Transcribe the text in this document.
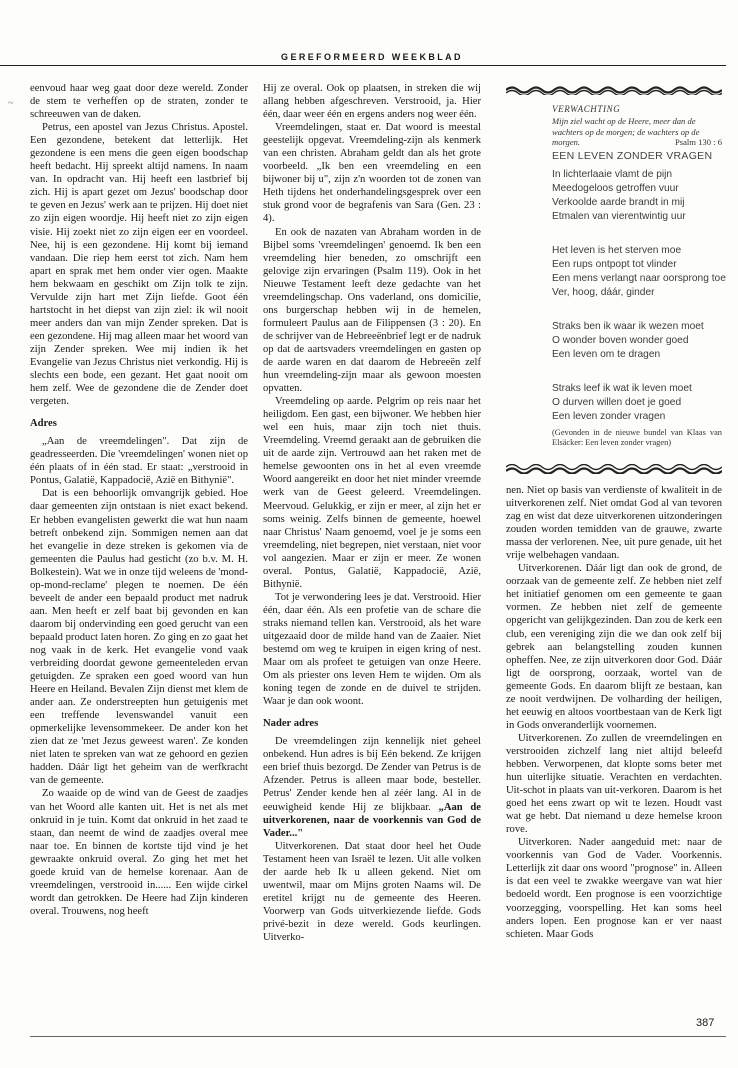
GEREFORMEERD WEEKBLAD
~

eenvoud haar weg gaat door deze wereld. Zonder de stem te verheffen op de straten, zonder te schreeuwen van de daken.

Petrus, een apostel van Jezus Christus. Apostel. Een gezondene, betekent dat letterlijk. Het gezondene is een mens die geen eigen boodschap heeft bedacht. Hij spreekt altijd namens. In naam van. In opdracht van. Hij heeft een lastbrief bij zich. Hij is apart gezet om Jezus' boodschap door te geven en Jezus' werk aan te prijzen. Hij doet niet zo zijn eigen woordje. Hij heeft niet zo zijn eigen visie. Hij zoekt niet zo zijn eigen eer en voordeel. Nee, hij is een gezondene. Hij komt bij iemand vandaan. Die riep hem eerst tot zich. Nam hem apart en sprak met hem onder vier ogen. Maakte hem bekwaam en geschikt om Zijn tolk te zijn. Vervulde zijn hart met Zijn liefde. Goot één hartstocht in het diepst van zijn ziel: ik wil nooit meer anders dan van mijn Zender spreken. Dat is een gezondene. Hij mag alleen maar het woord van zijn Zender spreken. Wee mij indien ik het Evangelie van Jezus Christus niet verkondig. Hij is slechts een bode, een gezant. Het gaat nooit om hem zelf. Wee de gezondene die de Zender doet vergeten.

Adres

„Aan de vreemdelingen". Dat zijn de geadresseerden. Die 'vreemdelingen' wonen niet op één plaats of in één stad. Er staat: „verstrooid in Pontus, Galatië, Kappadocië, Azië en Bithynië".

Dat is een behoorlijk omvangrijk gebied. Hoe daar gemeenten zijn ontstaan is niet exact bekend. Er hebben evangelisten gewerkt die wat hun naam betreft onbekend zijn. Sommigen nemen aan dat het evangelie in deze streken is gekomen via de gemeenten die Paulus had gesticht (zo b.v. M. H. Bolkestein). Wat we in onze tijd weleens de 'mond-op-mond-reclame' plegen te noemen. De één beveelt de ander een bepaald product met nadruk aan. Men heeft er zelf baat bij gevonden en kan daarom bij ondervinding een goed gerucht van een bepaald product laten horen. Zo ging en zo gaat het nog vaak in de kerk. Het evangelie vond vaak verbreiding doordat gewone gemeenteleden ervan getuigden. Ze spraken een goed woord van hun Heere en Heiland. Bevalen Zijn dienst met klem de ander aan. Ze onderstreepten hun getuigenis met een treffende levenswandel vanuit een opmerkelijke levensommekeer. De ander kon het zien dat ze 'met Jezus geweest waren'. Ze konden niet laten te spreken van wat ze gehoord en gezien hadden. Dáár ligt het geheim van de werfkracht van de gemeente.

Zo waaide op de wind van de Geest de zaadjes van het Woord alle kanten uit. Het is net als met onkruid in je tuin. Komt dat onkruid in het zaad te staan, dan neemt de wind de zaadjes overal mee naar toe. En binnen de kortste tijd vind je het gewraakte onkruid overal. Zo ging het met het goede kruid van de hemelse korenaar. Aan de vreemdelingen, verstrooid in...... Een wijde cirkel wordt dan getrokken. De Heere had Zijn kinderen overal. Trouwens, nog heeft

Hij ze overal. Ook op plaatsen, in streken die wij allang hebben afgeschreven. Verstrooid, ja. Hier één, daar weer één en ergens anders nog weer één.

Vreemdelingen, staat er. Dat woord is meestal geestelijk opgevat. Vreemdeling-zijn als kenmerk van een christen. Abraham geldt dan als het grote voorbeeld. „Ik ben een vreemdeling en een bijwoner bij u", zijn z'n woorden tot de zonen van Heth tijdens het onderhandelingsgesprek over een stuk grond voor de begrafenis van Sara (Gen. 23 : 4).

En ook de nazaten van Abraham worden in de Bijbel soms 'vreemdelingen' genoemd. Ik ben een vreemdeling hier beneden, zo omschrijft een gelovige zijn ervaringen (Psalm 119). Ook in het Nieuwe Testament leeft deze gedachte van het vreemdelingschap. Ons vaderland, ons domicilie, ons burgerschap hebben wij in de hemelen, formuleert Paulus aan de Filippensen (3 : 20). En de schrijver van de Hebreeënbrief legt er de nadruk op dat de aartsvaders vreemdelingen en gasten op de aarde waren en dat daarom de Hebreeën zelf hun vreemdeling-zijn maar als gewoon moesten opvatten.

Vreemdeling op aarde. Pelgrim op reis naar het heiligdom. Een gast, een bijwoner. We hebben hier wel een huis, maar zijn toch niet thuis. Vreemdeling. Vreemd geraakt aan de gebruiken die uit de aarde zijn. Vertrouwd aan het raken met de hemelse gewoonten ons in het al even vreemde Woord aangereikt en door het niet minder vreemde werk van de Geest geleerd. Vreemdelingen. Meervoud. Gelukkig, er zijn er meer, al zijn het er soms weinig. Zelfs binnen de gemeente, hoewel naar Christus' Naam genoemd, voel je je soms een vreemdeling, niet begrepen, niet verstaan, niet voor vol aangezien. Maar er zijn er meer. Ze wonen overal. Pontus, Galatië, Kappadocië, Azië, Bithynië.

Tot je verwondering lees je dat. Verstrooid. Hier één, daar één. Als een profetie van de schare die straks niemand tellen kan. Verstrooid, als het ware uitgezaaid door de milde hand van de Zaaier. Niet bestemd om weg te kruipen in eigen kring of nest. Maar om als profeet te getuigen van onze Heere. Om als priester ons leven Hem te wijden. Om als koning tegen de zonde en de duivel te strijden. Waar je dan ook woont.

Nader adres

De vreemdelingen zijn kennelijk niet geheel onbekend. Hun adres is bij Eén bekend. Ze krijgen een brief thuis bezorgd. De Zender van Petrus is de Afzender. Petrus is alleen maar bode, besteller. Petrus' Zender kende hen al zéér lang. Al in de eeuwigheid kende Hij ze blijkbaar. „Aan de uitverkorenen, naar de voorkennis van God de Vader..."

Uitverkorenen. Dat staat door heel het Oude Testament heen van Israël te lezen. Uit alle volken der aarde heb Ik u alleen gekend. Niet om uwentwil, maar om Mijns groten Naams wil. De eretitel krijgt nu de gemeente des Heeren. Voorwerp van Gods uitverkiezende liefde. Gods privé-bezit in deze wereld. Gods keurlingen. Uitverko-

VERWACHTING
Mijn ziel wacht op de Heere, meer dan de wachters op de morgen; de wachters op de morgen.	Psalm 130 : 6
EEN LEVEN ZONDER VRAGEN
In lichterlaaie vlamt de pijn
Meedogeloos getroffen vuur
Verkoolde aarde brandt in mij
Etmalen van vierentwintig uur
Het leven is het sterven moe
Een rups ontpopt tot vlinder
Een mens verlangt naar oorsprong toe
Ver, hoog, dáár, ginder
Straks ben ik waar ik wezen moet
O wonder boven wonder goed
Een leven om te dragen
Straks leef ik wat ik leven moet
O durven willen doet je goed
Een leven zonder vragen
(Gevonden in de nieuwe bundel van Klaas van Elsäcker: Een leven zonder vragen)

nen. Niet op basis van verdienste of kwaliteit in de uitverkorenen zelf. Niet omdat God al van tevoren zag en wist dat deze uitverkorenen uitzonderingen zouden worden temidden van de grauwe, zwarte massa der verlorenen. Nee, uit pure genade, uit het vrije welbehagen vandaan.

Uitverkorenen. Dáár ligt dan ook de grond, de oorzaak van de gemeente zelf. Ze hebben niet zelf het initiatief genomen om een gemeente te gaan vormen. Ze hebben niet zelf de gemeente opgericht van gelijkgezinden. Dan zou de kerk een club, een vereniging zijn die we dan ook zelf bij gebrek aan belangstelling zouden kunnen opheffen. Nee, ze zijn uitverkoren door God. Dáár ligt de oorsprong, oorzaak, wortel van de gemeente Gods. En daarom blijft ze bestaan, kan ze nooit verdwijnen. De volharding der heiligen, het eeuwig en altoos voortbestaan van de Kerk ligt in Gods onveranderlijk voornemen.

Uitverkorenen. Zo zullen de vreemdelingen en verstrooiden zichzelf lang niet altijd beleefd hebben. Verworpenen, dat klopte soms beter met hun uiterlijke situatie. Verachten en verdachten. Uit-schot in plaats van uit-verkoren. Daarom is het goed het eens zwart op wit te lezen. Houdt vast wat ge hebt. Dat niemand u deze hemelse kroon rove.

Uitverkoren. Nader aangeduid met: naar de voorkennis van God de Vader. Voorkennis. Letterlijk zit daar ons woord "prognose" in. Alleen is dat een veel te zwakke weergave van wat hier bedoeld wordt. Een prognose is een voorzichtige voorzegging, voorspelling. Het kan soms heel anders lopen. Een prognose kan er ver naast schieten. Maar Gods

387
